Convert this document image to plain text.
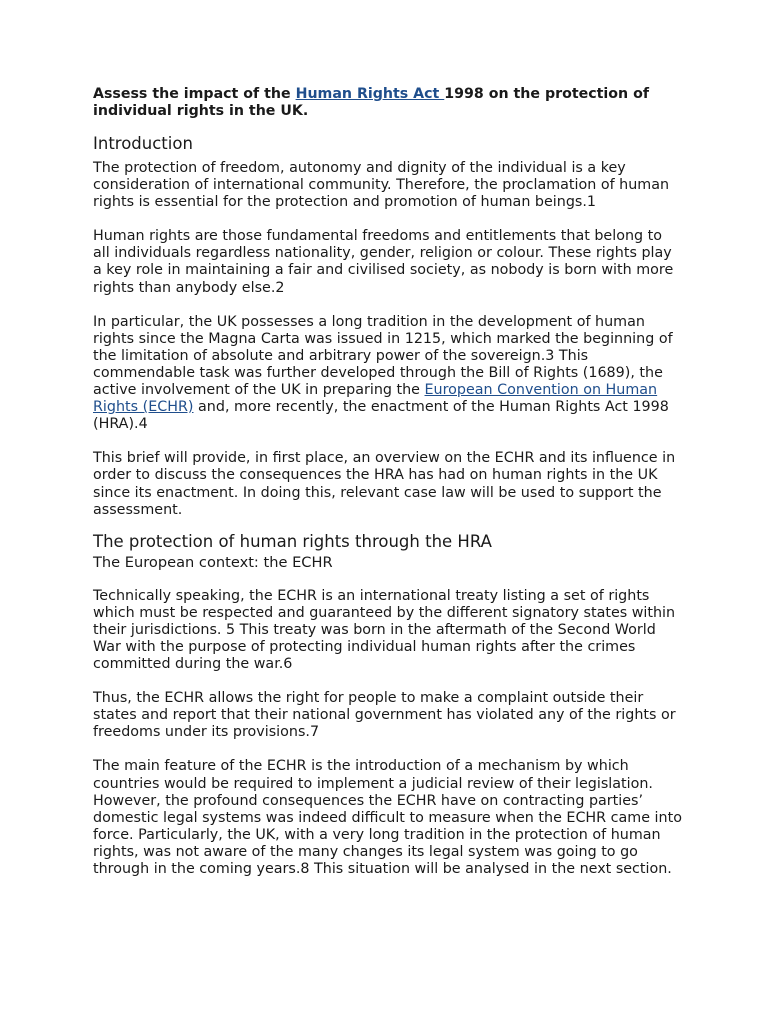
Assess the impact of the Human Rights Act 1998 on the protection of individual rights in the UK.

Introduction

The protection of freedom, autonomy and dignity of the individual is a key consideration of international community. Therefore, the proclamation of human rights is essential for the protection and promotion of human beings.1

Human rights are those fundamental freedoms and entitlements that belong to all individuals regardless nationality, gender, religion or colour. These rights play a key role in maintaining a fair and civilised society, as nobody is born with more rights than anybody else.2

In particular, the UK possesses a long tradition in the development of human rights since the Magna Carta was issued in 1215, which marked the beginning of the limitation of absolute and arbitrary power of the sovereign.3 This commendable task was further developed through the Bill of Rights (1689), the active involvement of the UK in preparing the European Convention on Human Rights (ECHR) and, more recently, the enactment of the Human Rights Act 1998 (HRA).4

This brief will provide, in first place, an overview on the ECHR and its influence in order to discuss the consequences the HRA has had on human rights in the UK since its enactment. In doing this, relevant case law will be used to support the assessment.

The protection of human rights through the HRA
The European context: the ECHR

Technically speaking, the ECHR is an international treaty listing a set of rights which must be respected and guaranteed by the different signatory states within their jurisdictions. 5 This treaty was born in the aftermath of the Second World War with the purpose of protecting individual human rights after the crimes committed during the war.6

Thus, the ECHR allows the right for people to make a complaint outside their states and report that their national government has violated any of the rights or freedoms under its provisions.7

The main feature of the ECHR is the introduction of a mechanism by which countries would be required to implement a judicial review of their legislation. However, the profound consequences the ECHR have on contracting parties’ domestic legal systems was indeed difficult to measure when the ECHR came into force. Particularly, the UK, with a very long tradition in the protection of human rights, was not aware of the many changes its legal system was going to go through in the coming years.8 This situation will be analysed in the next section.
